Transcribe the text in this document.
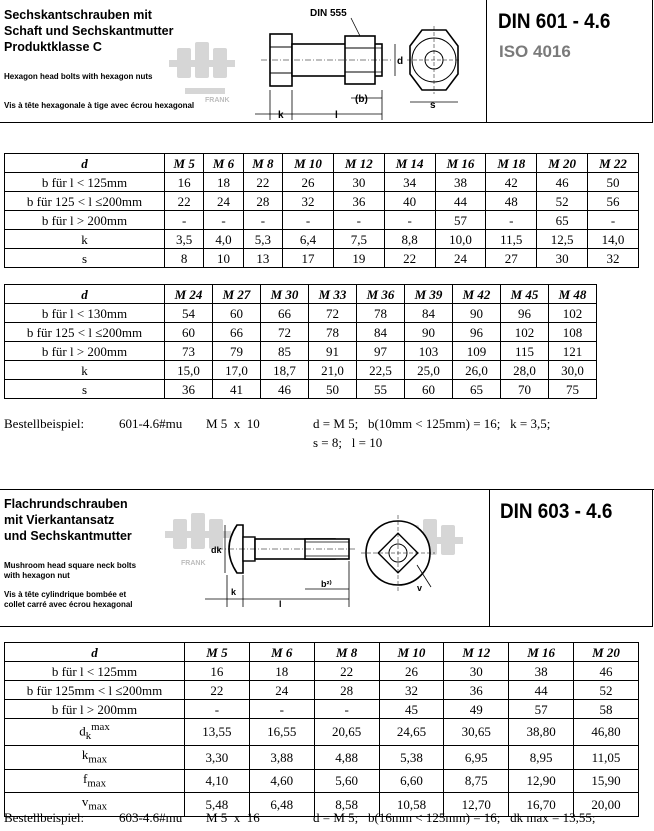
Sechskantschrauben mit
Schaft und Sechskantmutter
Produktklasse C
Hexagon head bolts with hexagon nuts
Vis à tête hexagonale à tige avec écrou hexagonal
DIN 601 - 4.6
ISO 4016
FRANK
DIN 555
d
(b)
k	l
s
d	M 5	M 6	M 8	M 10	M 12	M 14	M 16	M 18	M 20	M 22
b für l < 125mm	16	18	22	26	30	34	38	42	46	50
b für 125 < l ≤200mm	22	24	28	32	36	40	44	48	52	56
b für l > 200mm	-	-	-	-	-	-	57	-	65	-
k	3,5	4,0	5,3	6,4	7,5	8,8	10,0	11,5	12,5	14,0
s	8	10	13	17	19	22	24	27	30	32
d	M 24	M 27	M 30	M 33	M 36	M 39	M 42	M 45	M 48
b für l < 130mm	54	60	66	72	78	84	90	96	102
b für 125 < l ≤200mm	60	66	72	78	84	90	96	102	108
b für l > 200mm	73	79	85	91	97	103	109	115	121
k	15,0	17,0	18,7	21,0	22,5	25,0	26,0	28,0	30,0
s	36	41	46	50	55	60	65	70	75
Bestellbeispiel:	601-4.6#mu M 5  x  10	d = M 5;   b(10mm < 125mm) = 16;   k = 3,5;
s = 8;   l = 10
Flachrundschrauben
mit Vierkantansatz
und Sechskantmutter
Mushroom head square neck bolts
with hexagon nut
Vis à tête cylindrique bombée et
collet carré avec écrou hexagonal
DIN 603 - 4.6
FRANK
dk
k
l
b²⁾	v
d	M 5	M 6	M 8	M 10	M 12	M 16	M 20
b für l < 125mm	16	18	22	26	30	38	46
b für 125mm < l ≤200mm	22	24	28	32	36	44	52
b für l > 200mm	-	-	-	45	49	57	58
$d_k^{max}$	13,55	16,55	20,65	24,65	30,65	38,80	46,80
$k_{max}$	3,30	3,88	4,88	5,38	6,95	8,95	11,05
$f_{max}$	4,10	4,60	5,60	6,60	8,75	12,90	15,90
$v_{max}$	5,48	6,48	8,58	10,58	12,70	16,70	20,00
Bestellbeispiel:	603-4.6#mu M 5  x  16	d = M 5;   b(16mm < 125mm) = 16;   dk max = 13,55;
